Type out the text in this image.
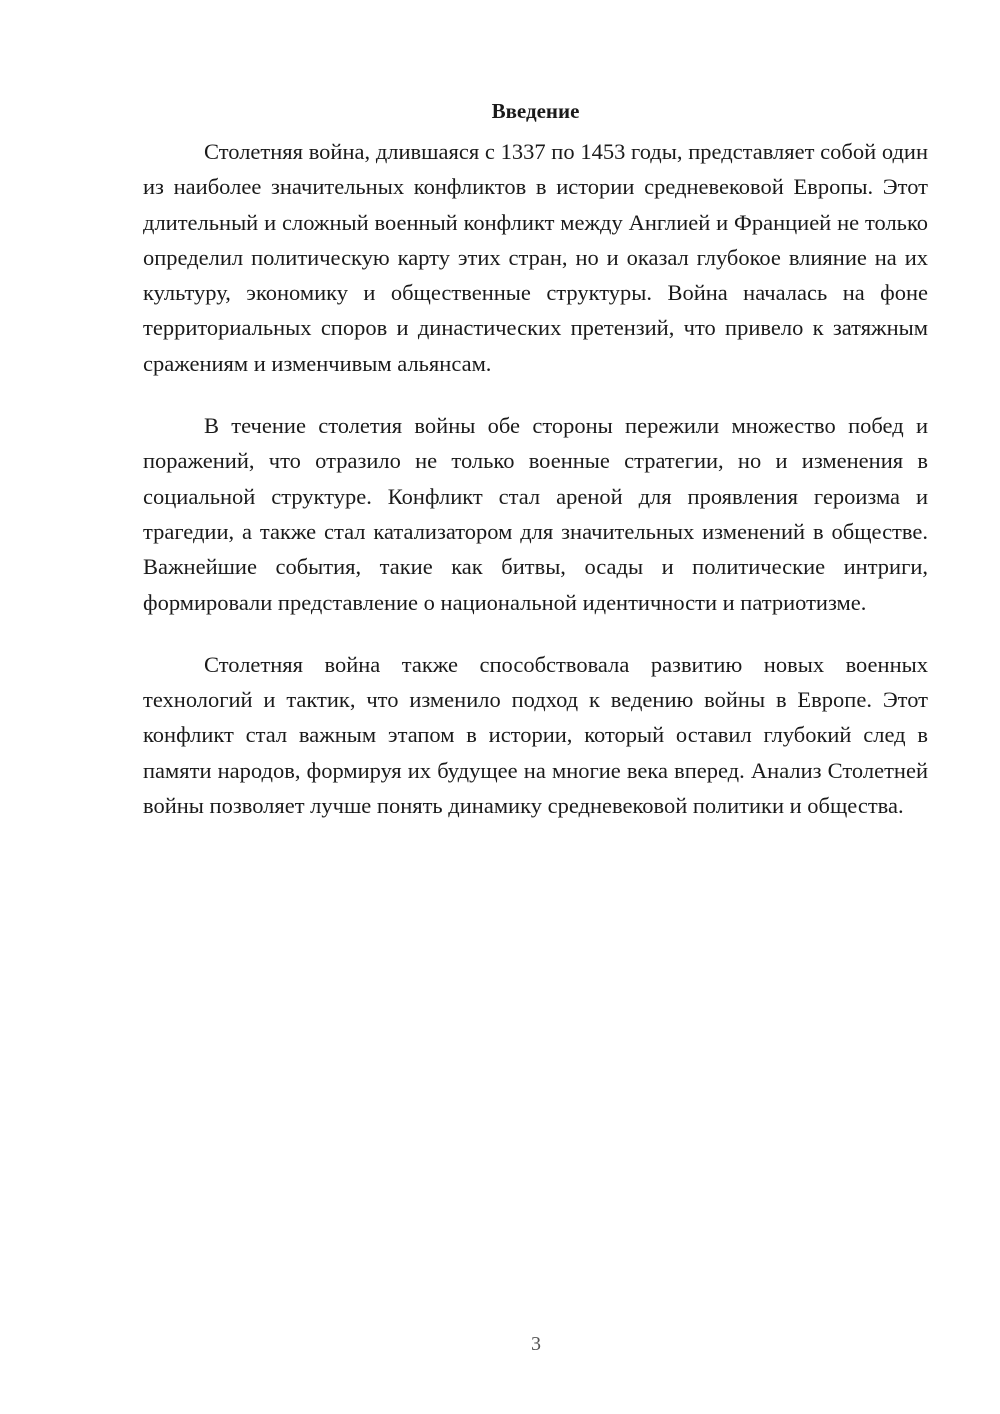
Введение

Столетняя война, длившаяся с 1337 по 1453 годы, представляет собой один из наиболее значительных конфликтов в истории средневековой Европы. Этот длительный и сложный военный конфликт между Англией и Францией не только определил политическую карту этих стран, но и оказал глубокое влияние на их культуру, экономику и общественные структуры. Война началась на фоне территориальных споров и династических претензий, что привело к затяжным сражениям и изменчивым альянсам.

В течение столетия войны обе стороны пережили множество побед и поражений, что отразило не только военные стратегии, но и изменения в социальной структуре. Конфликт стал ареной для проявления героизма и трагедии, а также стал катализатором для значительных изменений в обществе. Важнейшие события, такие как битвы, осады и политические интриги, формировали представление о национальной идентичности и патриотизме.

Столетняя война также способствовала развитию новых военных технологий и тактик, что изменило подход к ведению войны в Европе. Этот конфликт стал важным этапом в истории, который оставил глубокий след в памяти народов, формируя их будущее на многие века вперед. Анализ Столетней войны позволяет лучше понять динамику средневековой политики и общества.

3
